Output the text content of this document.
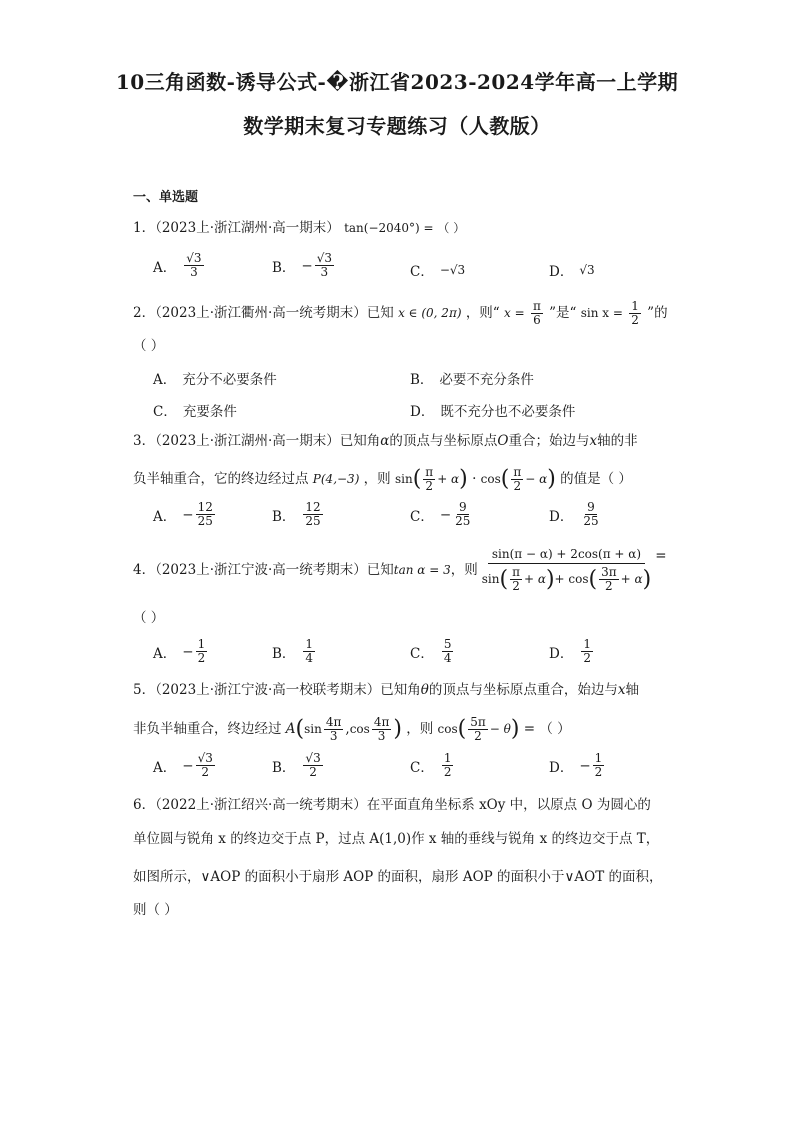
10三角函数-诱导公式-�浙江省2023-2024学年高一上学期
数学期末复习专题练习（人教版）
一、单选题
1．（2023上·浙江湖州·高一期末） tan(−2040°) = （ ）
A． $\frac{√3}{3}$	B． − $\frac{√3}{3}$	C． −√3	D． √3
2．（2023上·浙江衢州·高一统考期末）已知 x ∈ (0, 2π) ，则“ $x = \frac{\pi}{6}$ ”是“ $\sin x = \frac{1}{2}$ ”的
（ ）
A． 充分不必要条件	B． 必要不充分条件
C． 充要条件	D． 既不充分也不必要条件
3．（2023上·浙江湖州·高一期末）已知角α的顶点与坐标原点O重合；始边与x轴的非
负半轴重合，它的终边经过点 P(4,−3) ，则 $\sin( \frac{\pi}{2} + \alpha) \cdot \cos( \frac{\pi}{2} - \alpha)$ 的值是（ ）
A． − $\frac{12}{25}$	B． $\frac{12}{25}$	C． − $\frac{9}{25}$	D． $\frac{9}{25}$
4．（2023上·浙江宁波·高一统考期末）已知 tan α = 3 ，则 $\frac{\sin(\pi - \alpha) + 2\cos(\pi + \alpha)}{\sin ( \frac{\pi}{2} + \alpha ) + \cos ( \frac{3\pi}{2} + \alpha )}$ =
（ ）
A． − $\frac{1}{2}$	B． $\frac{1}{4}$	C． $\frac{5}{4}$	D． $\frac{1}{2}$
5．（2023上·浙江宁波·高一校联考期末）已知角θ的顶点与坐标原点重合，始边与x轴
非负半轴重合，终边经过 $A(\sin \frac{4\pi}{3} ,\cos \frac{4\pi}{3}$ ) ，则 $\cos( \frac{5\pi}{2} - \theta)$ = （ ）
A． − $\frac{√3}{2}$	B． $\frac{√3}{2}$	C． $\frac{1}{2}$	D． − $\frac{1}{2}$
6．（2022上·浙江绍兴·高一统考期末）在平面直角坐标系 xOy 中，以原点 O 为圆心的
单位圆与锐角 x 的终边交于点 P，过点 A(1,0)作 x 轴的垂线与锐角 x 的终边交于点 T，
如图所示，∨AOP 的面积小于扇形 AOP 的面积，扇形 AOP 的面积小于∨AOT 的面积，
则（ ）
